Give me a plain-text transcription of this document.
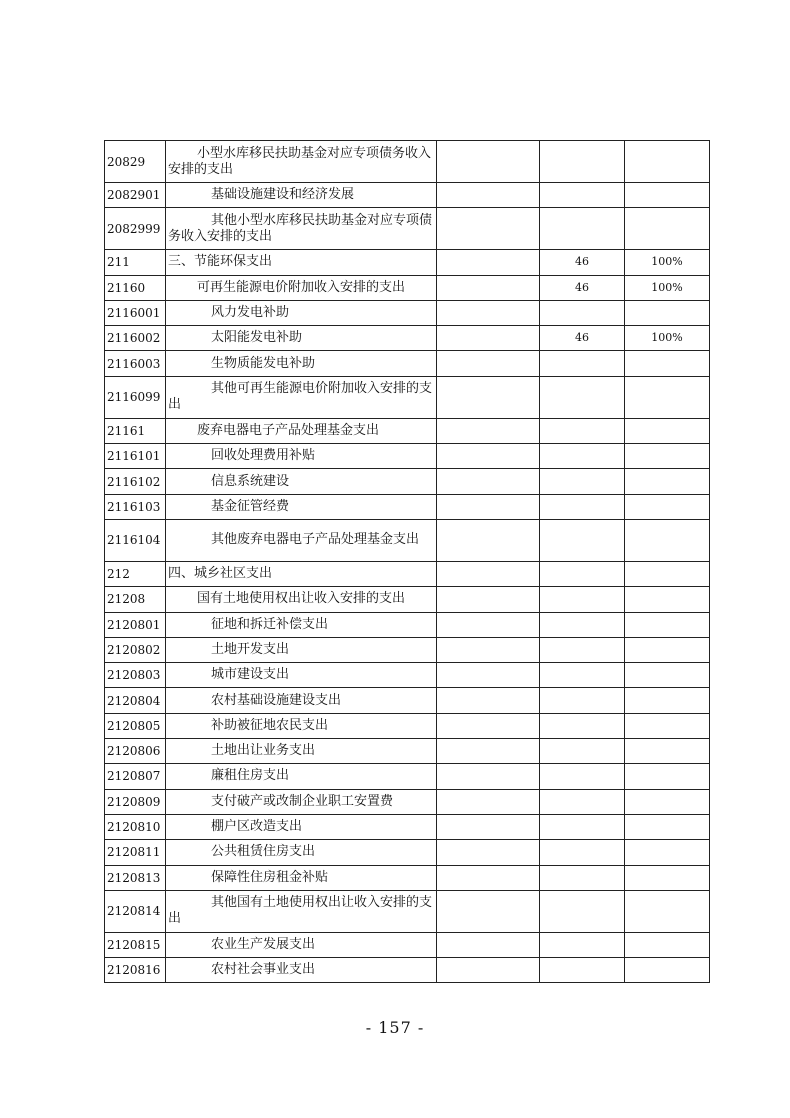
20829	小型水库移民扶助基金对应专项债务收入安排的支出			

2082901	基础设施建设和经济发展			

2082999	其他小型水库移民扶助基金对应专项债务收入安排的支出			

211	三、节能环保支出		46	100%
21160	可再生能源电价附加收入安排的支出		46	100%
2116001	风力发电补助			

2116002	太阳能发电补助		46	100%
2116003	生物质能发电补助			

2116099	其他可再生能源电价附加收入安排的支出			

21161	废弃电器电子产品处理基金支出			

2116101	回收处理费用补贴			

2116102	信息系统建设			

2116103	基金征管经费			

2116104	其他废弃电器电子产品处理基金支出			

212	四、城乡社区支出			

21208	国有土地使用权出让收入安排的支出			

2120801	征地和拆迁补偿支出			

2120802	土地开发支出			

2120803	城市建设支出			

2120804	农村基础设施建设支出			

2120805	补助被征地农民支出			

2120806	土地出让业务支出			

2120807	廉租住房支出			

2120809	支付破产或改制企业职工安置费			

2120810	棚户区改造支出			

2120811	公共租赁住房支出			

2120813	保障性住房租金补贴			

2120814	其他国有土地使用权出让收入安排的支出			

2120815	农业生产发展支出			

2120816	农村社会事业支出			

- 157 -
